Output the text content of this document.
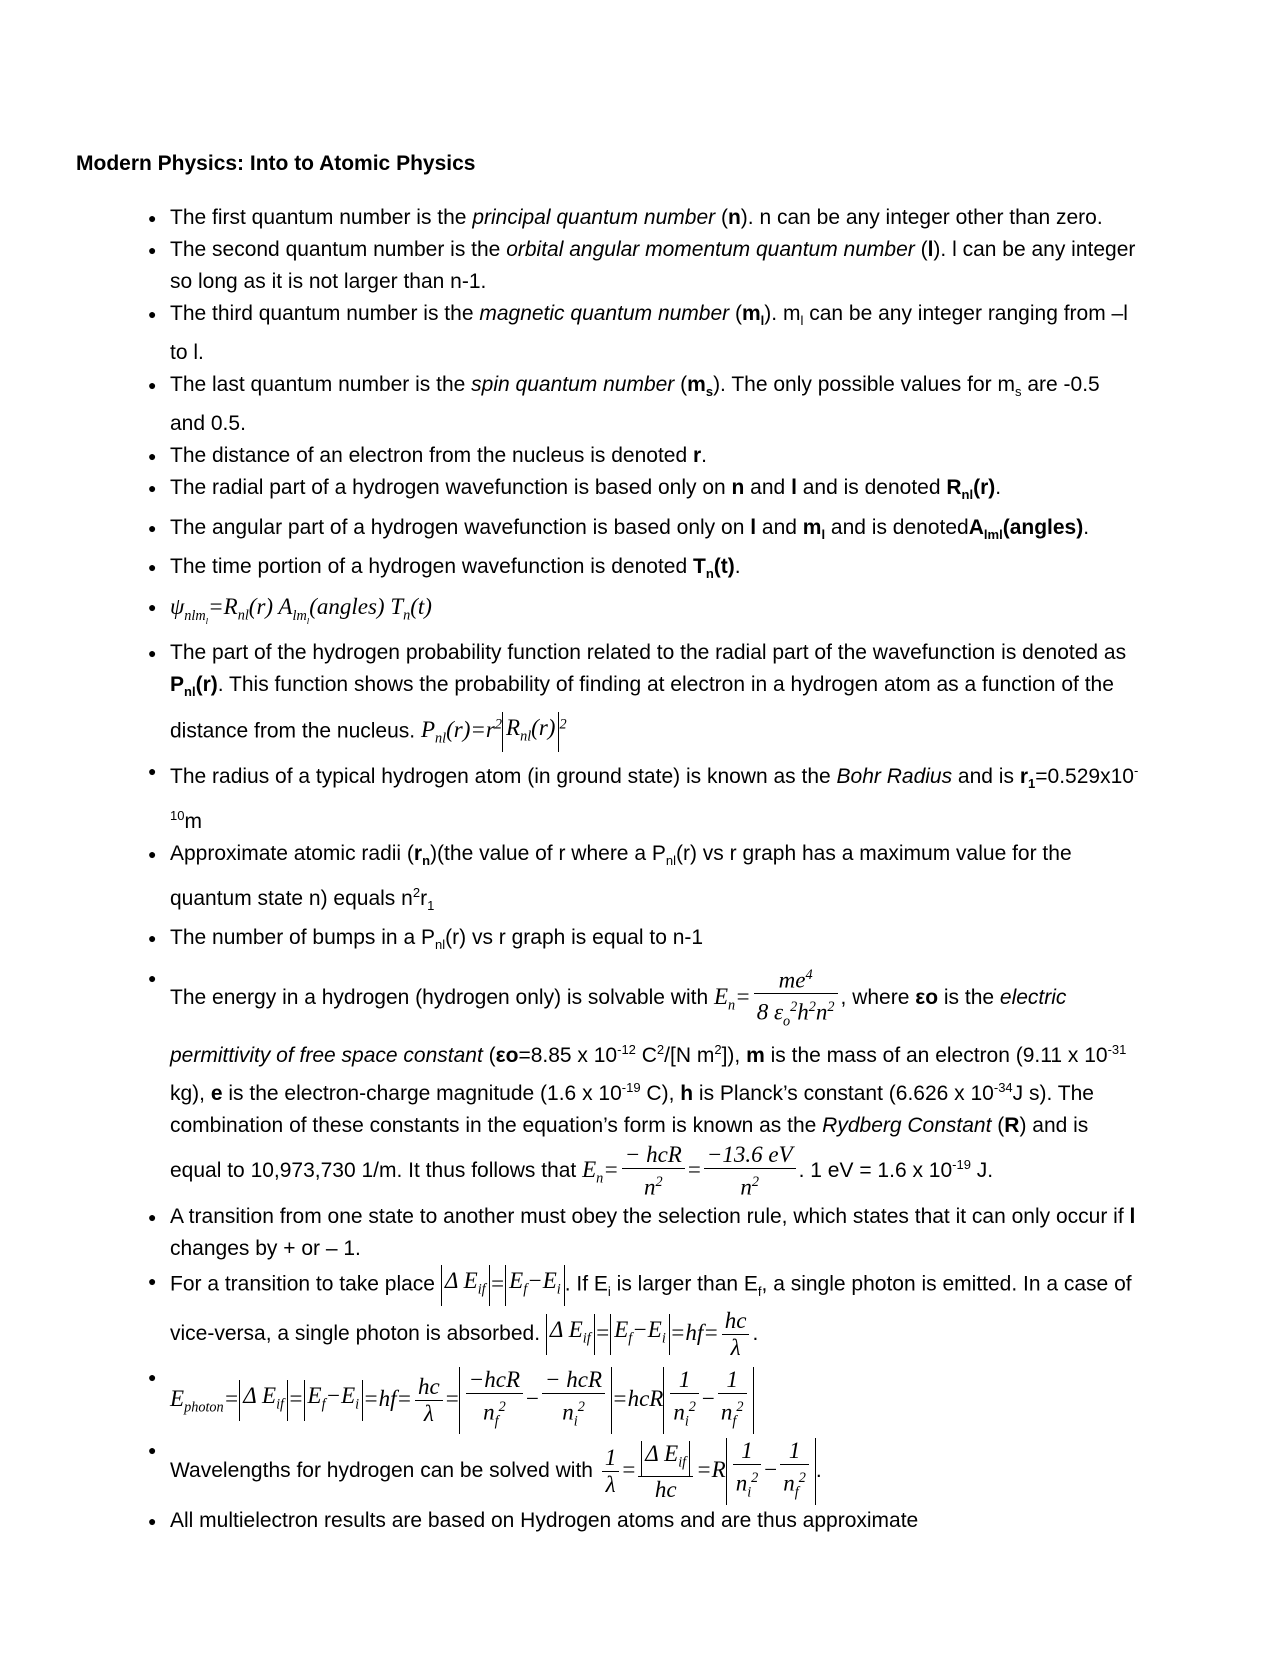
Modern Physics: Into to Atomic Physics
● The first quantum number is the principal quantum number (n). n can be any integer other than zero.
● The second quantum number is the orbital angular momentum quantum number (l). l can be any integer so long as it is not larger than n-1.
● The third quantum number is the magnetic quantum number $(m_l)$. $m_l$ can be any integer ranging from –l to l.
● The last quantum number is the spin quantum number $(m_s)$. The only possible values for $m_s$ are -0.5 and 0.5.
● The distance of an electron from the nucleus is denoted r.
● The radial part of a hydrogen wavefunction is based only on n and l and is denoted $R_{nl}(r)$.
● The angular part of a hydrogen wavefunction is based only on l and $m_l$ and is denotedA$_{lml}$(angles).
● The time portion of a hydrogen wavefunction is denoted $T_n(t)$.
● $\psi_{nlm_l}=R_{nl}(r)$ $A_{lm_l}(angles)$ $T_n(t)$
● The part of the hydrogen probability function related to the radial part of the wavefunction is denoted as $P_{nl}(r)$. This function shows the probability of finding at electron in a hydrogen atom as a function of the distance from the nucleus. $P_{nl}(r)=r^2$ $R_{nl}(r)$ $^2$
● The radius of a typical hydrogen atom (in ground state) is known as the Bohr Radius and is $r_1=0.529x10^{-10}m$
● Approximate atomic radii $(r_n)(the$ value of r where a $P_{nl}(r)$ vs r graph has a maximum value for the quantum state n) equals $n^2r_1$
● The number of bumps in a $P_{nl}(r)$ vs r graph is equal to n-1
● The energy in a hydrogen (hydrogen only) is solvable with $E_n= \frac{me^4}{8 \varepsilon_o^2h^2n^2}$ , where εo is the electric permittivity of free space constant (εo=8.85 x $10^{-12}$ $C^2/[N$ $m^2$]), m is the mass of an electron (9.11 x $10^{-31}$ kg), e is the electron-charge magnitude (1.6 x $10^{-19}$ C), h is Planck’s constant (6.626 x $10^{-34}J$ s). The combination of these constants in the equation’s form is known as the Rydberg Constant (R) and is equal to 10,973,730 1/m. It thus follows that $E_n= \frac{\text{− hcR}}{n^2} = \frac{-13.6 eV}{n^2}$ . 1 eV = 1.6 x $10^{-19}$ J.
● A transition from one state to another must obey the selection rule, which states that it can only occur if l changes by + or – 1.
● For a transition to take place Δ $E_{if} = E_f-E_i$ . If $E_i$ is larger than $E_f$, a single photon is emitted. In a case of vice-versa, a single photon is absorbed. Δ $E_{if} = E_f-E_i =hf= \frac{hc}{\lambda}$ .
● $E_{photon}= \Delta$ $E_{if} = E_f-E_i =hf= \frac{hc}{\lambda} = \frac{\text{−hcR}}{n_f^2} - \frac{\text{− hcR}}{n_i^2} =hcR \frac{1}{n_i^2} - \frac{1}{n_f^2}$
● Wavelengths for hydrogen can be solved with $\frac{1}{\lambda} = \frac{\Delta E_{if}}{hc} =R \frac{1}{n_i^2} - \frac{1}{n_f^2}$ .
● All multielectron results are based on Hydrogen atoms and are thus approximate
